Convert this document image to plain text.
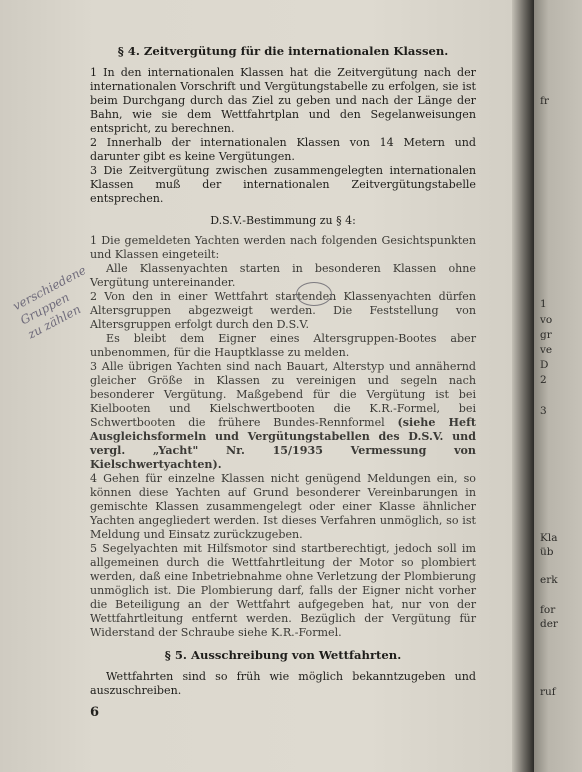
§ 4. Zeitvergütung für die internationalen Klassen.

1 In den internationalen Klassen hat die Zeitvergütung nach der internationalen Vorschrift und Vergütungstabelle zu erfolgen, sie ist beim Durchgang durch das Ziel zu geben und nach der Länge der Bahn, wie sie dem Wettfahrtplan und den Segelanweisungen entspricht, zu berechnen.

2 Innerhalb der internationalen Klassen von 14 Metern und darunter gibt es keine Vergütungen.

3 Die Zeitvergütung zwischen zusammengelegten internationalen Klassen muß der internationalen Zeitvergütungstabelle entsprechen.

D.S.V.-Bestimmung zu § 4:

1 Die gemeldeten Yachten werden nach folgenden Gesichtspunkten und Klassen eingeteilt:

Alle Klassenyachten starten in besonderen Klassen ohne Vergütung untereinander.

2 Von den in einer Wettfahrt startenden Klassenyachten dürfen Altersgruppen abgezweigt werden. Die Feststellung von Altersgruppen erfolgt durch den D.S.V.

Es bleibt dem Eigner eines Altersgruppen-Bootes aber unbenommen, für die Hauptklasse zu melden.

3 Alle übrigen Yachten sind nach Bauart, Alterstyp und annähernd gleicher Größe in Klassen zu vereinigen und segeln nach besonderer Vergütung. Maßgebend für die Vergütung ist bei Kielbooten und Kielschwertbooten die K.R.-Formel, bei Schwertbooten die frühere Bundes-Rennformel (siehe Heft Ausgleichsformeln und Vergütungstabellen des D.S.V. und vergl. „Yacht" Nr. 15/1935 Vermessung von Kielschwertyachten).

4 Gehen für einzelne Klassen nicht genügend Meldungen ein, so können diese Yachten auf Grund besonderer Vereinbarungen in gemischte Klassen zusammengelegt oder einer Klasse ähnlicher Yachten angegliedert werden. Ist dieses Verfahren unmöglich, so ist Meldung und Einsatz zurückzugeben.

5 Segelyachten mit Hilfsmotor sind startberechtigt, jedoch soll im allgemeinen durch die Wettfahrtleitung der Motor so plombiert werden, daß eine Inbetriebnahme ohne Verletzung der Plombierung unmöglich ist. Die Plombierung darf, falls der Eigner nicht vorher die Beteiligung an der Wettfahrt aufgegeben hat, nur von der Wettfahrtleitung entfernt werden. Bezüglich der Vergütung für Widerstand der Schraube siehe K.R.-Formel.

§ 5. Ausschreibung von Wettfahrten.

Wettfahrten sind so früh wie möglich bekanntzugeben und auszuschreiben.

verschiedene
Gruppen
zu zählen
6
fr
1
vo
gr
ve
D
2
3
Kla
üb
erk
for
der
ruf
